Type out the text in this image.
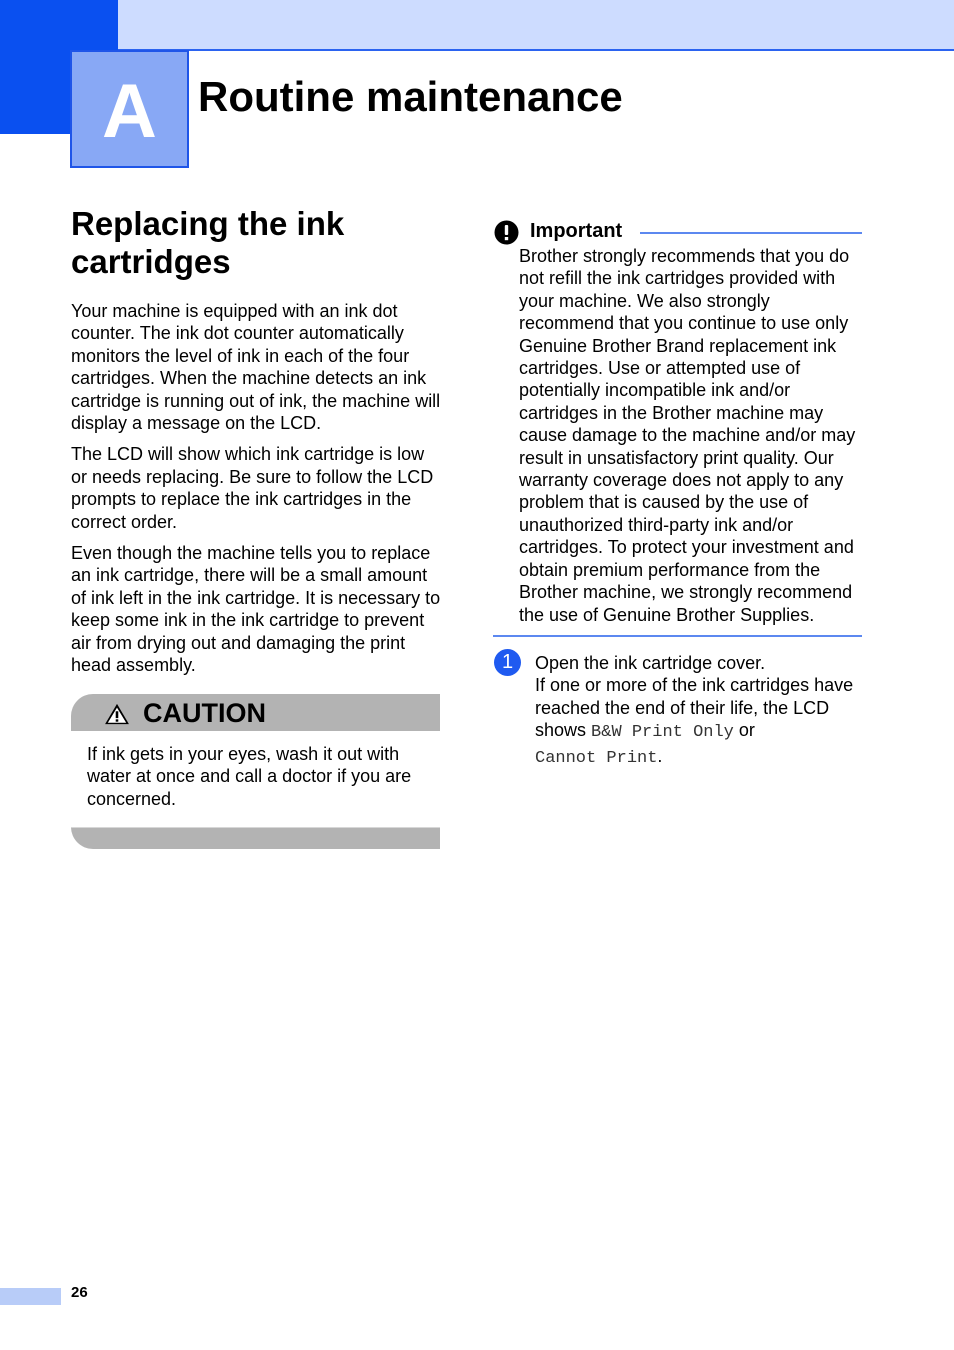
A Routine maintenance
Replacing the ink cartridges

Your machine is equipped with an ink dot counter. The ink dot counter automatically monitors the level of ink in each of the four cartridges. When the machine detects an ink cartridge is running out of ink, the machine will display a message on the LCD.

The LCD will show which ink cartridge is low or needs replacing. Be sure to follow the LCD prompts to replace the ink cartridges in the correct order.

Even though the machine tells you to replace an ink cartridge, there will be a small amount of ink left in the ink cartridge. It is necessary to keep some ink in the ink cartridge to prevent air from drying out and damaging the print head assembly.

CAUTION
If ink gets in your eyes, wash it out with water at once and call a doctor if you are concerned.
Important
Brother strongly recommends that you do not refill the ink cartridges provided with your machine. We also strongly recommend that you continue to use only Genuine Brother Brand replacement ink cartridges. Use or attempted use of potentially incompatible ink and/or cartridges in the Brother machine may cause damage to the machine and/or may result in unsatisfactory print quality. Our warranty coverage does not apply to any problem that is caused by the use of unauthorized third-party ink and/or cartridges. To protect your investment and obtain premium performance from the Brother machine, we strongly recommend the use of Genuine Brother Supplies.
1	Open the ink cartridge cover.
If one or more of the ink cartridges have reached the end of their life, the LCD shows B&W Print Only or
Cannot Print.
26
